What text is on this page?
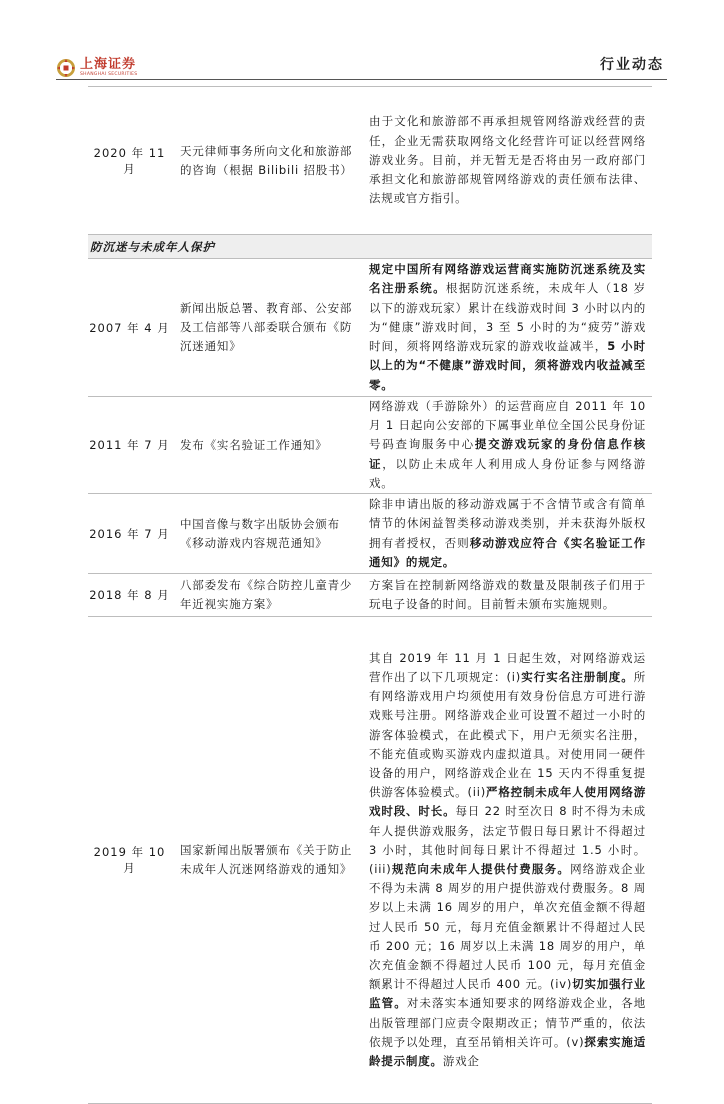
上海证券
SHANGHAI SECURITIES
行业动态
2020 年 11 月	天元律师事务所向文化和旅游部的咨询（根据 Bilibili 招股书）	由于文化和旅游部不再承担规管网络游戏经营的责任，企业无需获取网络文化经营许可证以经营网络游戏业务。目前，并无暂无是否将由另一政府部门承担文化和旅游部规管网络游戏的责任颁布法律、法规或官方指引。
防沉迷与未成年人保护		
2007 年 4 月	新闻出版总署、教育部、公安部及工信部等八部委联合颁布《防沉迷通知》	规定中国所有网络游戏运营商实施防沉迷系统及实名注册系统。根据防沉迷系统，未成年人（18 岁以下的游戏玩家）累计在线游戏时间 3 小时以内的为“健康”游戏时间，3 至 5 小时的为“疲劳”游戏时间，须将网络游戏玩家的游戏收益减半，5 小时以上的为“不健康”游戏时间，须将游戏内收益减至零。
2011 年 7 月	发布《实名验证工作通知》	网络游戏（手游除外）的运营商应自 2011 年 10 月 1 日起向公安部的下属事业单位全国公民身份证号码查询服务中心提交游戏玩家的身份信息作核证，以防止未成年人利用成人身份证参与网络游戏。
2016 年 7 月	中国音像与数字出版协会颁布《移动游戏内容规范通知》	除非申请出版的移动游戏属于不含情节或含有简单情节的休闲益智类移动游戏类别，并未获海外版权拥有者授权，否则移动游戏应符合《实名验证工作通知》的规定。
2018 年 8 月	八部委发布《综合防控儿童青少年近视实施方案》	方案旨在控制新网络游戏的数量及限制孩子们用于玩电子设备的时间。目前暂未颁布实施规则。
2019 年 10 月	国家新闻出版署颁布《关于防止未成年人沉迷网络游戏的通知》	其自 2019 年 11 月 1 日起生效，对网络游戏运营作出了以下几项规定：(i)实行实名注册制度。所有网络游戏用户均须使用有效身份信息方可进行游戏账号注册。网络游戏企业可设置不超过一小时的游客体验模式，在此模式下，用户无须实名注册，不能充值或购买游戏内虚拟道具。对使用同一硬件设备的用户，网络游戏企业在 15 天内不得重复提供游客体验模式。(ii)严格控制未成年人使用网络游戏时段、时长。每日 22 时至次日 8 时不得为未成年人提供游戏服务，法定节假日每日累计不得超过 3 小时，其他时间每日累计不得超过 1.5 小时。(iii)规范向未成年人提供付费服务。网络游戏企业不得为未满 8 周岁的用户提供游戏付费服务。8 周岁以上未满 16 周岁的用户，单次充值金额不得超过人民币 50 元，每月充值金额累计不得超过人民币 200 元；16 周岁以上未满 18 周岁的用户，单次充值金额不得超过人民币 100 元，每月充值金额累计不得超过人民币 400 元。(iv)切实加强行业监管。对未落实本通知要求的网络游戏企业，各地出版管理部门应责令限期改正；情节严重的，依法依规予以处理，直至吊销相关许可。(v)探索实施适龄提示制度。游戏企
